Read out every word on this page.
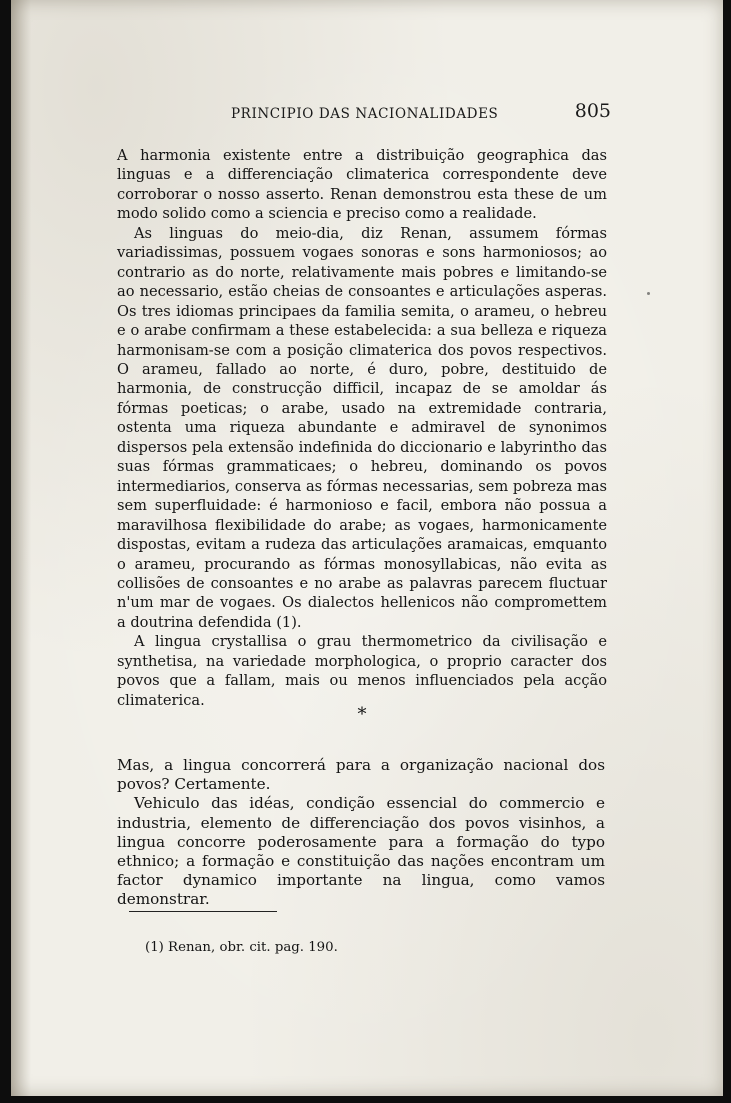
PRINCIPIO DAS NACIONALIDADES	805

A harmonia existente entre a distribuição geographica das linguas e a differenciação climaterica correspondente deve corroborar o nosso asserto. Renan demonstrou esta these de um modo solido como a sciencia e preciso como a realidade.

As linguas do meio-dia, diz Renan, assumem fórmas variadissimas, possuem vogaes sonoras e sons harmoniosos; ao contrario as do norte, relativamente mais pobres e limitando-se ao necessario, estão cheias de consoantes e articulações asperas. Os tres idiomas principaes da familia semita, o arameu, o hebreu e o arabe confirmam a these estabelecida: a sua belleza e riqueza harmonisam-se com a posição climaterica dos povos respectivos. O arameu, fallado ao norte, é duro, pobre, destituido de harmonia, de construcção difficil, incapaz de se amoldar ás fórmas poeticas; o arabe, usado na extremidade contraria, ostenta uma riqueza abundante e admiravel de synonimos dispersos pela extensão indefinida do diccionario e labyrintho das suas fórmas grammaticaes; o hebreu, dominando os povos intermediarios, conserva as fórmas necessarias, sem pobreza mas sem superfluidade: é harmonioso e facil, embora não possua a maravilhosa flexibilidade do arabe; as vogaes, harmonicamente dispostas, evitam a rudeza das articulações aramaicas, emquanto o arameu, procurando as fórmas monosyllabicas, não evita as collisões de consoantes e no arabe as palavras parecem fluctuar n'um mar de vogaes. Os dialectos hellenicos não compromettem a doutrina defendida (1).

A lingua crystallisa o grau thermometrico da civilisação e synthetisa, na variedade morphologica, o proprio caracter dos povos que a fallam, mais ou menos influenciados pela acção climaterica.

*

Mas, a lingua concorrerá para a organização nacional dos povos? Certamente.

Vehiculo das idéas, condição essencial do commercio e industria, elemento de differenciação dos povos visinhos, a lingua concorre poderosamente para a formação do typo ethnico; a formação e constituição das nações encontram um factor dynamico importante na lingua, como vamos demonstrar.

(1) Renan, obr. cit. pag. 190.
